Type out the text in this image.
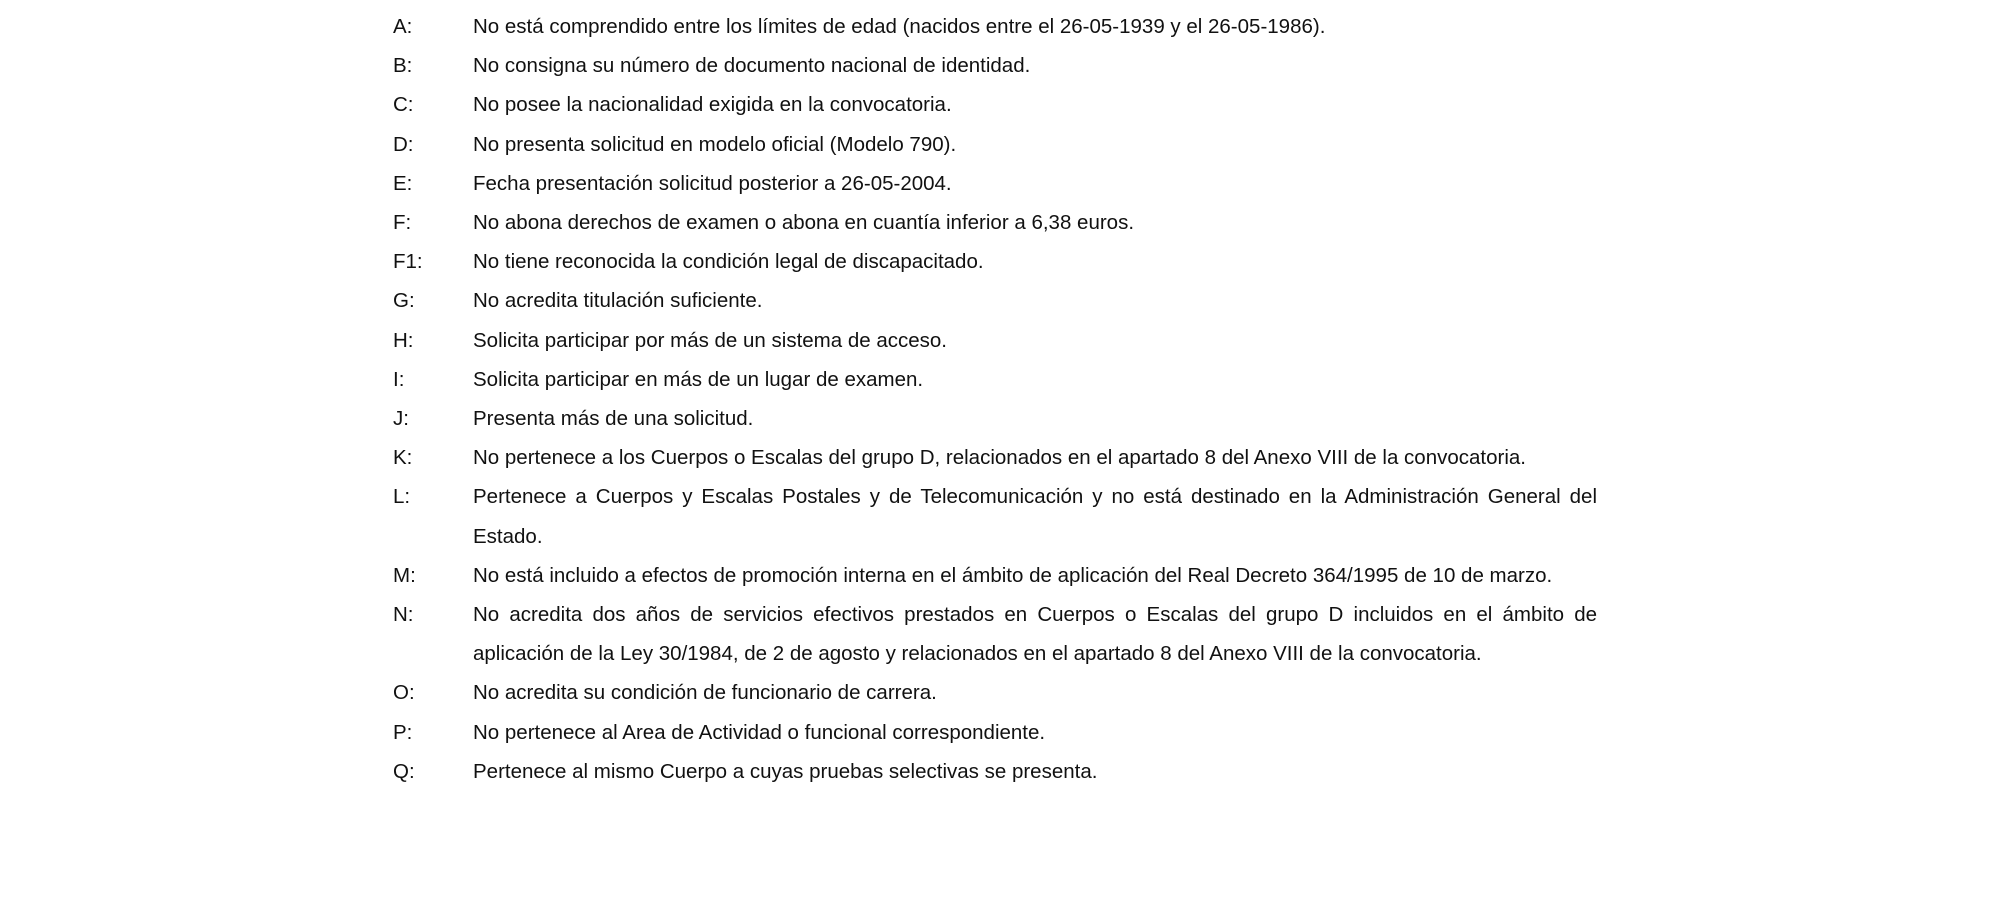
A:	No está comprendido entre los límites de edad (nacidos entre el 26-05-1939 y el 26-05-1986).
B:	No consigna su número de documento nacional de identidad.
C:	No posee la nacionalidad exigida en la convocatoria.
D:	No presenta solicitud en modelo oficial (Modelo 790).
E:	Fecha presentación solicitud posterior a 26-05-2004.
F:	No abona derechos de examen o abona en cuantía inferior a 6,38 euros.
F1:	No tiene reconocida la condición legal de discapacitado.
G:	No acredita titulación suficiente.
H:	Solicita participar por más de un sistema de acceso.
I:	Solicita participar en más de un lugar de examen.
J:	Presenta más de una solicitud.
K:	No pertenece a los Cuerpos o Escalas del grupo D, relacionados en el apartado 8 del Anexo VIII de la convocatoria.
L:	Pertenece a Cuerpos y Escalas Postales y de Telecomunicación y no está destinado en la Administración General del Estado.
M:	No está incluido a efectos de promoción interna en el ámbito de aplicación del Real Decreto 364/1995 de 10 de marzo.
N:	No acredita dos años de servicios efectivos prestados en Cuerpos o Escalas del grupo D incluidos en el ámbito de aplicación de la Ley 30/1984, de 2 de agosto y relacionados en el apartado 8 del Anexo VIII de la convocatoria.
O:	No acredita su condición de funcionario de carrera.
P:	No pertenece al Area de Actividad o funcional correspondiente.
Q:	Pertenece al mismo Cuerpo a cuyas pruebas selectivas se presenta.
